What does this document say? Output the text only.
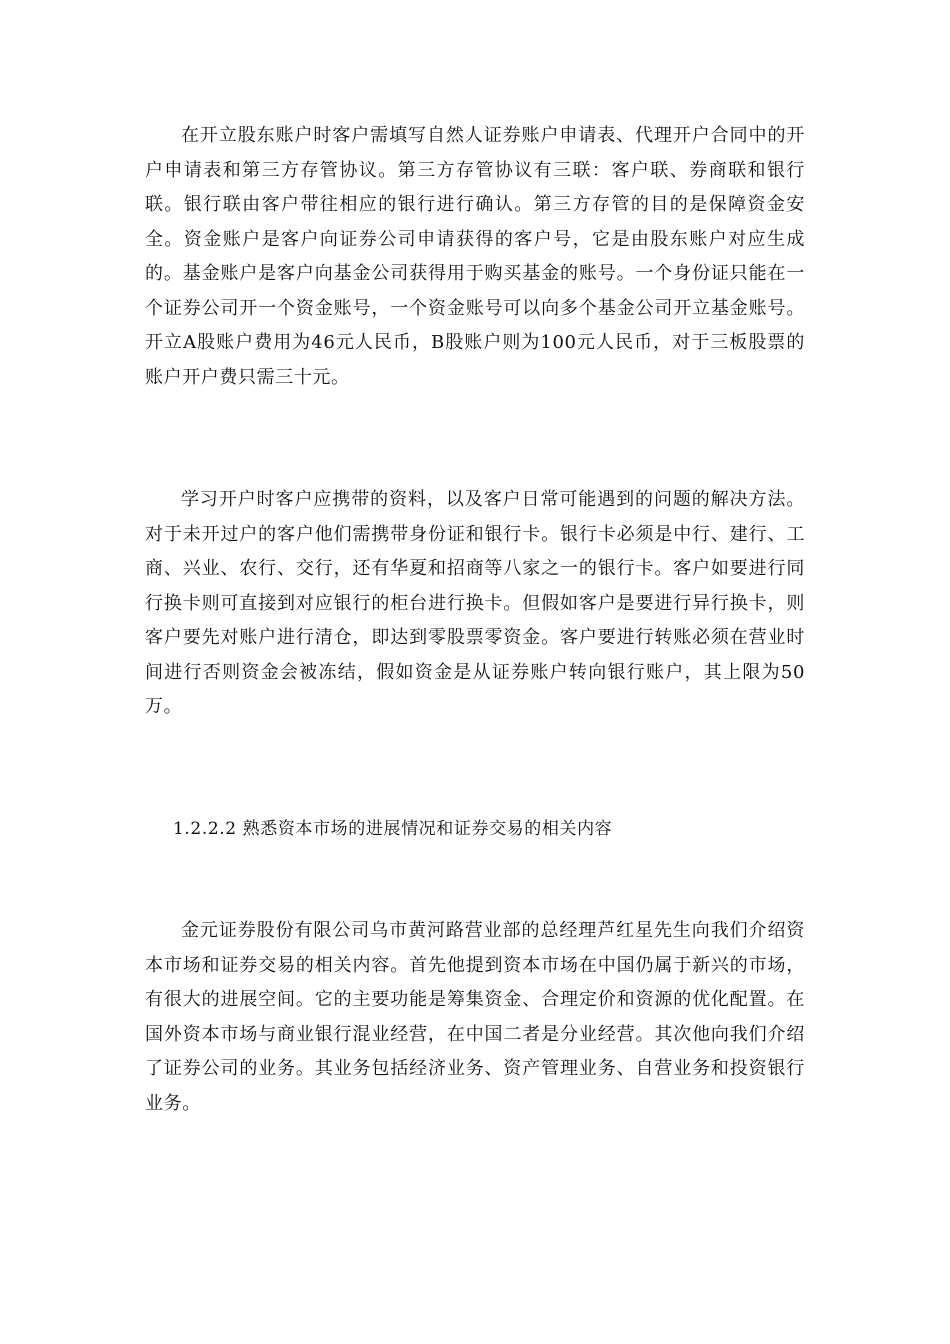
在开立股东账户时客户需填写自然人证券账户申请表、代理开户合同中的开户申请表和第三方存管协议。第三方存管协议有三联：客户联、券商联和银行联。银行联由客户带往相应的银行进行确认。第三方存管的目的是保障资金安全。资金账户是客户向证券公司申请获得的客户号，它是由股东账户对应生成的。基金账户是客户向基金公司获得用于购买基金的账号。一个身份证只能在一个证券公司开一个资金账号，一个资金账号可以向多个基金公司开立基金账号。开立A股账户费用为46元人民币，B股账户则为100元人民币，对于三板股票的账户开户费只需三十元。

学习开户时客户应携带的资料，以及客户日常可能遇到的问题的解决方法。对于未开过户的客户他们需携带身份证和银行卡。银行卡必须是中行、建行、工商、兴业、农行、交行，还有华夏和招商等八家之一的银行卡。客户如要进行同行换卡则可直接到对应银行的柜台进行换卡。但假如客户是要进行异行换卡，则客户要先对账户进行清仓，即达到零股票零资金。客户要进行转账必须在营业时间进行否则资金会被冻结，假如资金是从证券账户转向银行账户，其上限为50万。

1.2.2.2 熟悉资本市场的进展情况和证券交易的相关内容

金元证券股份有限公司乌市黄河路营业部的总经理芦红星先生向我们介绍资本市场和证券交易的相关内容。首先他提到资本市场在中国仍属于新兴的市场，有很大的进展空间。它的主要功能是筹集资金、合理定价和资源的优化配置。在国外资本市场与商业银行混业经营，在中国二者是分业经营。其次他向我们介绍了证券公司的业务。其业务包括经济业务、资产管理业务、自营业务和投资银行业务。
